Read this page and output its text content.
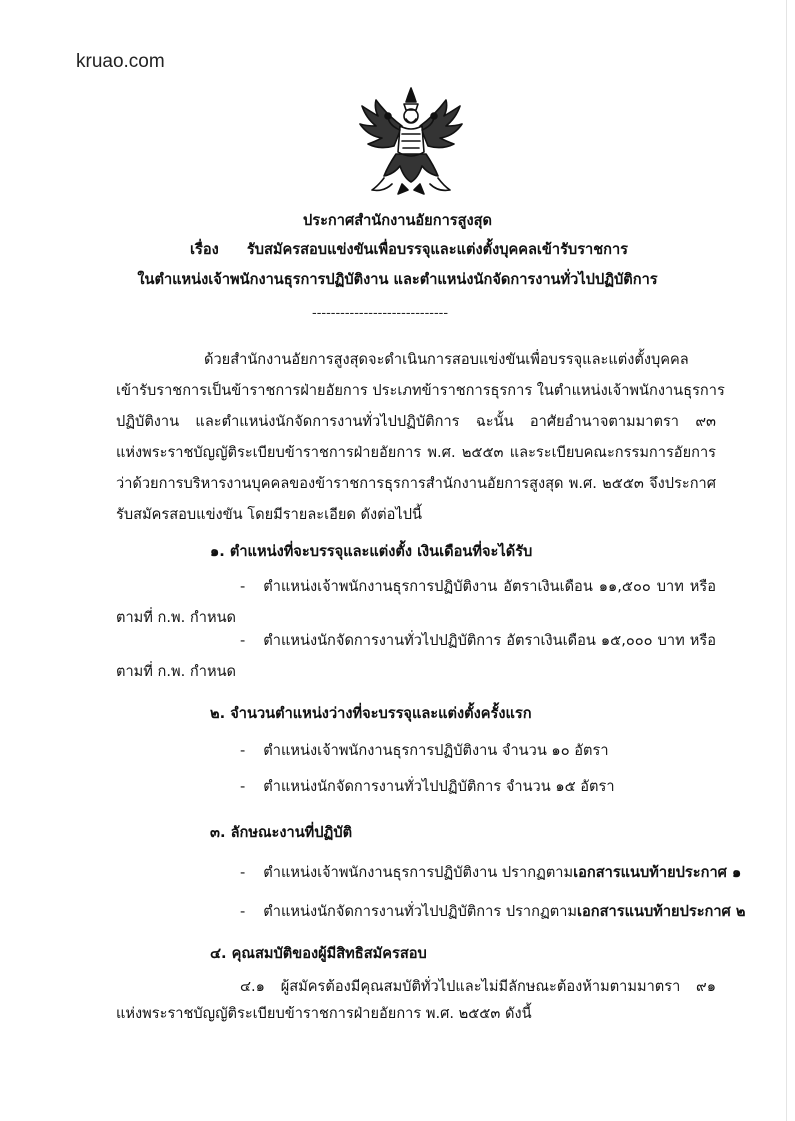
kruao.com
ประกาศสำนักงานอัยการสูงสุด
เรื่อง รับสมัครสอบแข่งขันเพื่อบรรจุและแต่งตั้งบุคคลเข้ารับราชการ
ในตำแหน่งเจ้าพนักงานธุรการปฏิบัติงาน และตำแหน่งนักจัดการงานทั่วไปปฏิบัติการ
-----------------------------
ด้วยสำนักงานอัยการสูงสุดจะดำเนินการสอบแข่งขันเพื่อบรรจุและแต่งตั้งบุคคล
เข้ารับราชการเป็นข้าราชการฝ่ายอัยการ ประเภทข้าราชการธุรการ ในตำแหน่งเจ้าพนักงานธุรการ
ปฏิบัติงาน และตำแหน่งนักจัดการงานทั่วไปปฏิบัติการ ฉะนั้น อาศัยอำนาจตามมาตรา ๙๓
แห่งพระราชบัญญัติระเบียบข้าราชการฝ่ายอัยการ พ.ศ. ๒๕๕๓ และระเบียบคณะกรรมการอัยการ
ว่าด้วยการบริหารงานบุคคลของข้าราชการธุรการสำนักงานอัยการสูงสุด พ.ศ. ๒๕๕๓ จึงประกาศ
รับสมัครสอบแข่งขัน โดยมีรายละเอียด ดังต่อไปนี้
๑. ตำแหน่งที่จะบรรจุและแต่งตั้ง เงินเดือนที่จะได้รับ
- ตำแหน่งเจ้าพนักงานธุรการปฏิบัติงาน อัตราเงินเดือน ๑๑,๕๐๐ บาท หรือ
ตามที่ ก.พ. กำหนด
- ตำแหน่งนักจัดการงานทั่วไปปฏิบัติการ อัตราเงินเดือน ๑๕,๐๐๐ บาท หรือ
ตามที่ ก.พ. กำหนด
๒. จำนวนตำแหน่งว่างที่จะบรรจุและแต่งตั้งครั้งแรก
- ตำแหน่งเจ้าพนักงานธุรการปฏิบัติงาน จำนวน ๑๐ อัตรา
- ตำแหน่งนักจัดการงานทั่วไปปฏิบัติการ จำนวน ๑๕ อัตรา
๓. ลักษณะงานที่ปฏิบัติ
- ตำแหน่งเจ้าพนักงานธุรการปฏิบัติงาน ปรากฏตามเอกสารแนบท้ายประกาศ ๑
- ตำแหน่งนักจัดการงานทั่วไปปฏิบัติการ ปรากฏตามเอกสารแนบท้ายประกาศ ๒
๔. คุณสมบัติของผู้มีสิทธิสมัครสอบ
๔.๑ ผู้สมัครต้องมีคุณสมบัติทั่วไปและไม่มีลักษณะต้องห้ามตามมาตรา ๙๑
แห่งพระราชบัญญัติระเบียบข้าราชการฝ่ายอัยการ พ.ศ. ๒๕๕๓ ดังนี้
